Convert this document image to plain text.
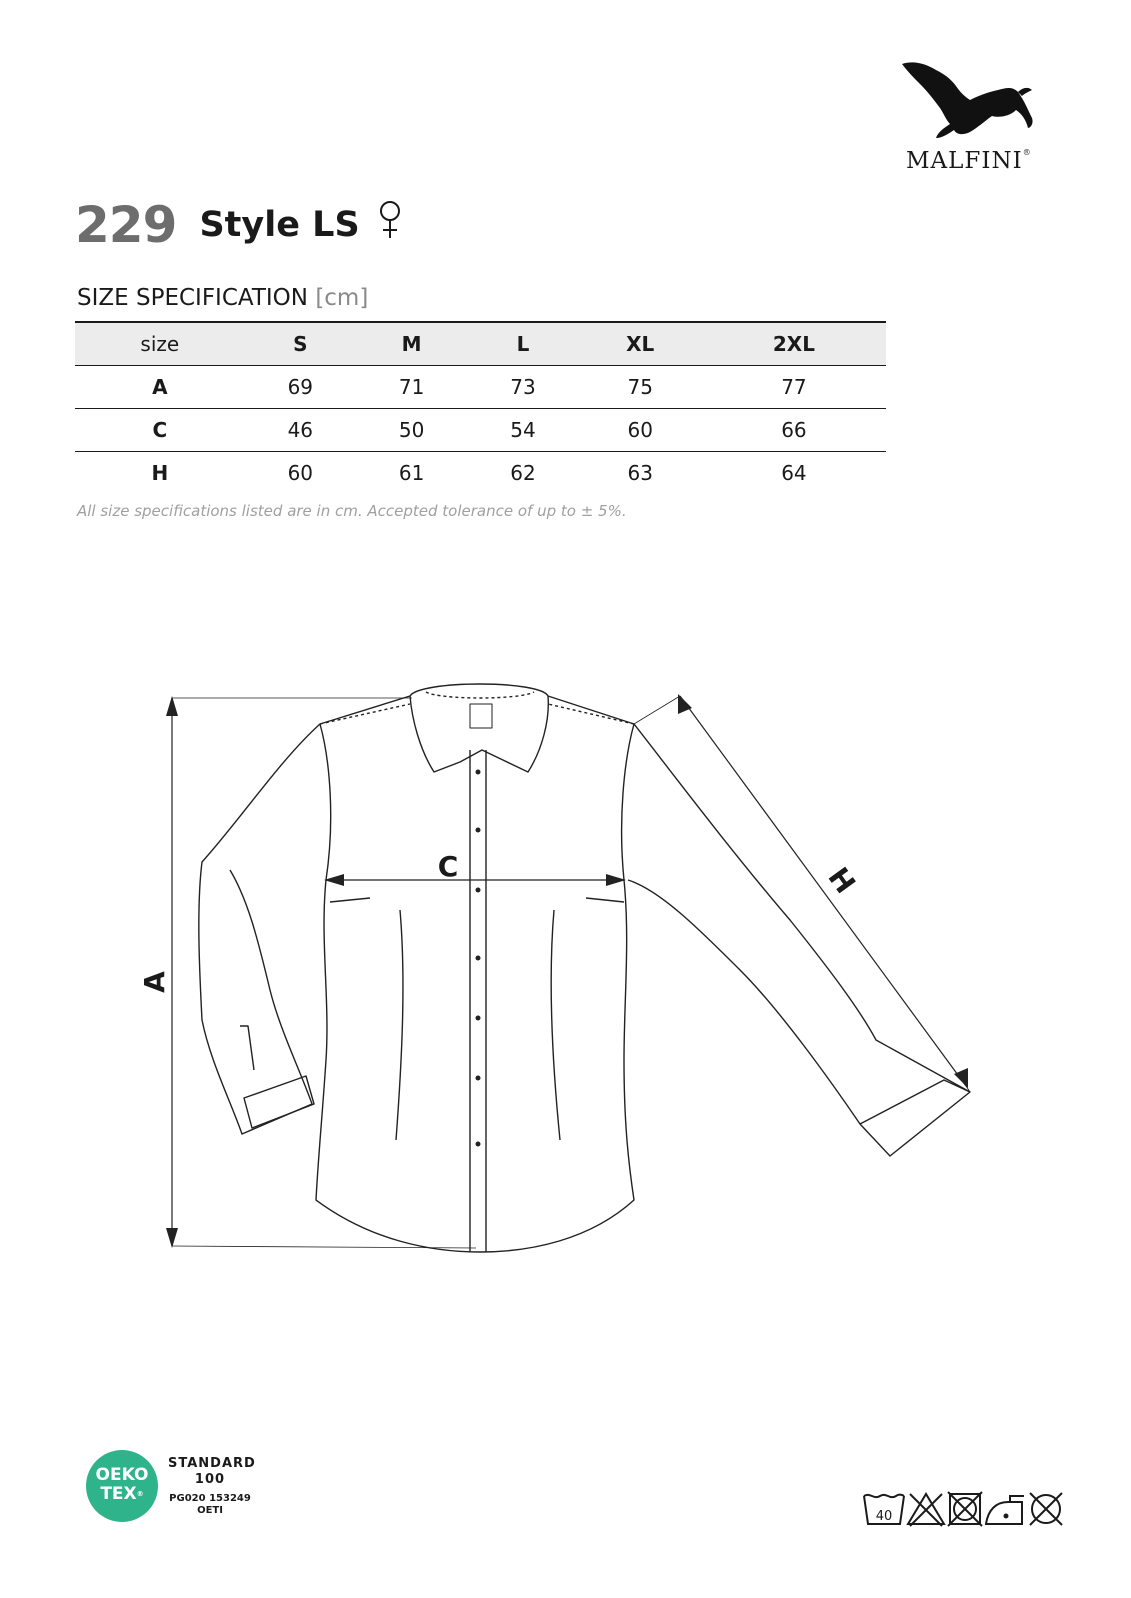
MALFINI®
229 Style LS
SIZE SPECIFICATION [cm]
size	S	M	L	XL	2XL
A	69	71	73	75	77
C	46	50	54	60	66
H	60	61	62	63	64
All size specifications listed are in cm. Accepted tolerance of up to ± 5%.
A
C	H
OEKO
TEX®
STANDARD
100
PG020 153249
OETI	40
